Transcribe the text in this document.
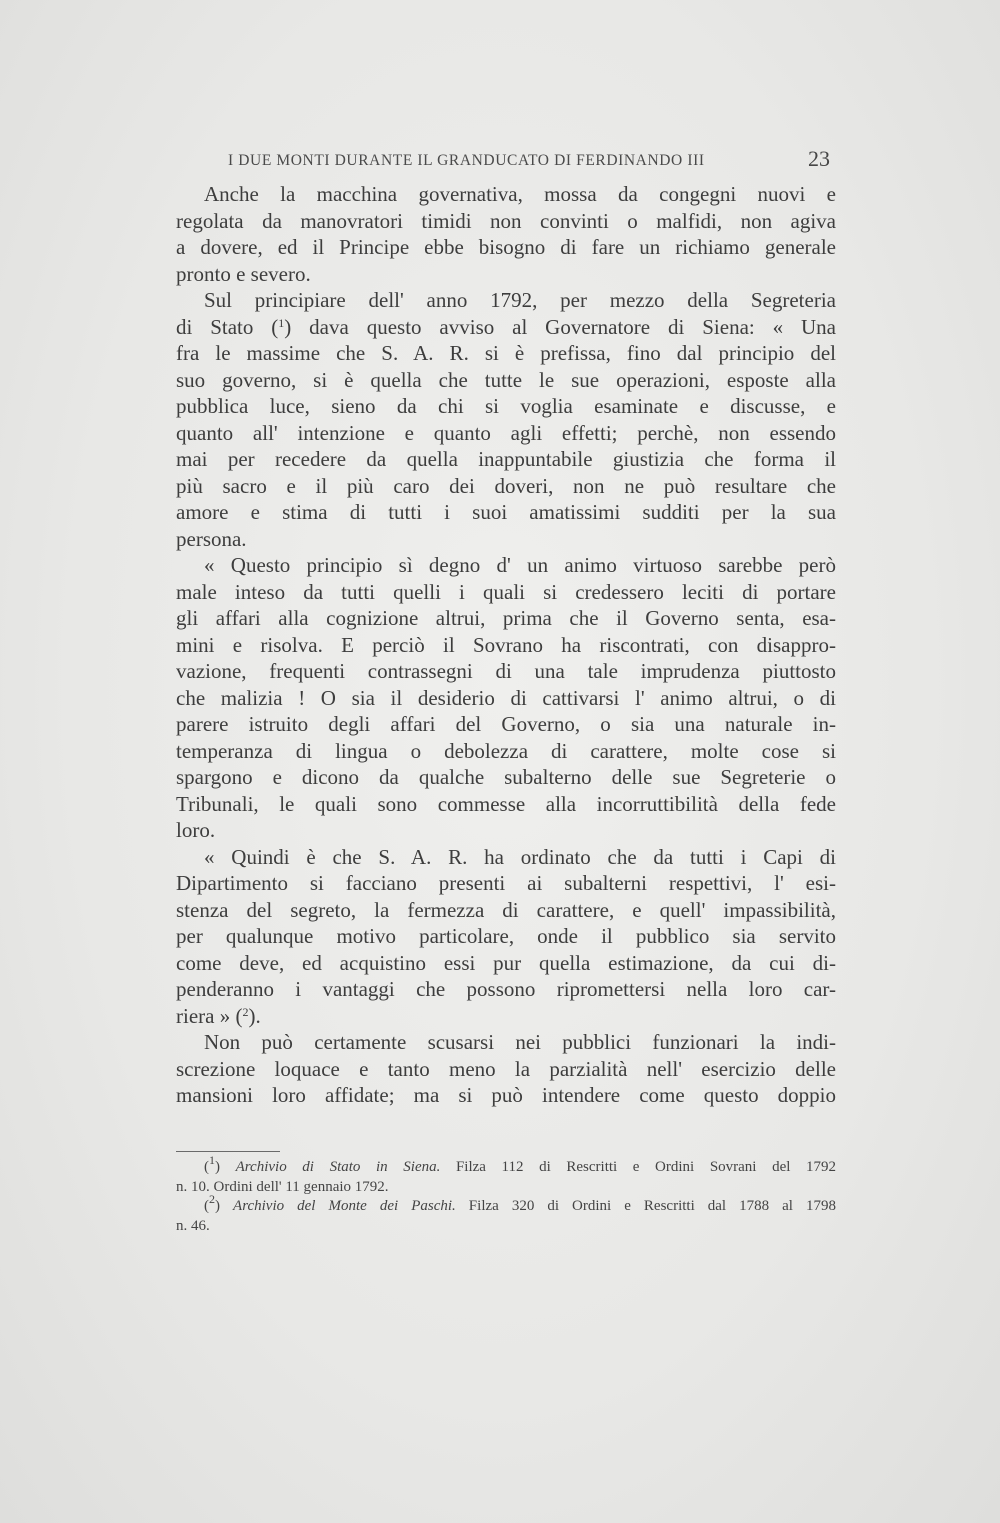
I DUE MONTI DURANTE IL GRANDUCATO DI FERDINANDO III	23
Anche la macchina governativa, mossa da congegni nuovi e
regolata da manovratori timidi non convinti o malfidi, non agiva
a dovere, ed il Principe ebbe bisogno di fare un richiamo generale
pronto e severo.
Sul principiare dell' anno 1792, per mezzo della Segreteria
di Stato ($^1$) dava questo avviso al Governatore di Siena: « Una
fra le massime che S. A. R. si è prefissa, fino dal principio del
suo governo, si è quella che tutte le sue operazioni, esposte alla
pubblica luce, sieno da chi si voglia esaminate e discusse, e
quanto all' intenzione e quanto agli effetti; perchè, non essendo
mai per recedere da quella inappuntabile giustizia che forma il
più sacro e il più caro dei doveri, non ne può resultare che
amore e stima di tutti i suoi amatissimi sudditi per la sua
persona.
« Questo principio sì degno d' un animo virtuoso sarebbe però
male inteso da tutti quelli i quali si credessero leciti di portare
gli affari alla cognizione altrui, prima che il Governo senta, esa-
mini e risolva. E perciò il Sovrano ha riscontrati, con disappro-
vazione, frequenti contrassegni di una tale imprudenza piuttosto
che malizia ! O sia il desiderio di cattivarsi l' animo altrui, o di
parere istruito degli affari del Governo, o sia una naturale in-
temperanza di lingua o debolezza di carattere, molte cose si
spargono e dicono da qualche subalterno delle sue Segreterie o
Tribunali, le quali sono commesse alla incorruttibilità della fede
loro.
« Quindi è che S. A. R. ha ordinato che da tutti i Capi di
Dipartimento si facciano presenti ai subalterni respettivi, l' esi-
stenza del segreto, la fermezza di carattere, e quell' impassibilità,
per qualunque motivo particolare, onde il pubblico sia servito
come deve, ed acquistino essi pur quella estimazione, da cui di-
penderanno i vantaggi che possono ripromettersi nella loro car-
riera » ($^2$).
Non può certamente scusarsi nei pubblici funzionari la indi-
screzione loquace e tanto meno la parzialità nell' esercizio delle
mansioni loro affidate; ma si può intendere come questo doppio
($^1$) Archivio di Stato in Siena. Filza 112 di Rescritti e Ordini Sovrani del 1792
n. 10. Ordini dell' 11 gennaio 1792.
($^2$) Archivio del Monte dei Paschi. Filza 320 di Ordini e Rescritti dal 1788 al 1798
n. 46.
